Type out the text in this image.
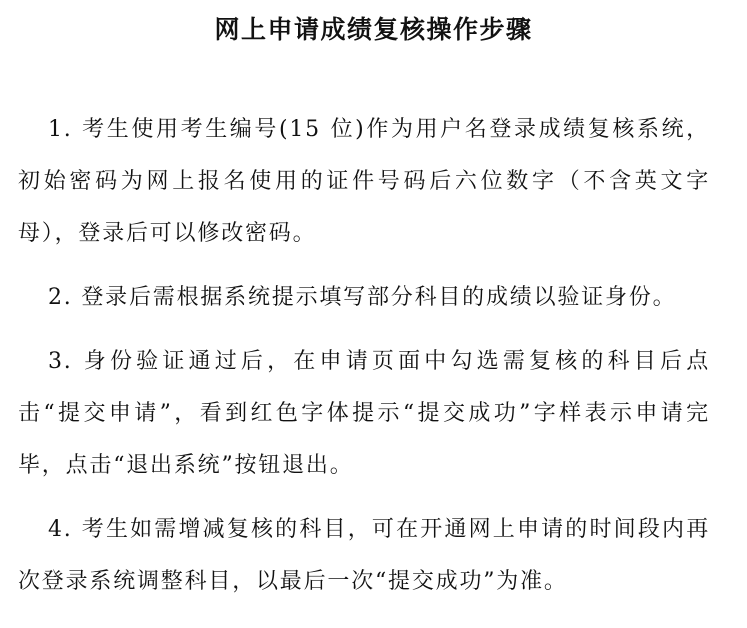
网上申请成绩复核操作步骤

1. 考生使用考生编号(15 位)作为用户名登录成绩复核系统，初始密码为网上报名使用的证件号码后六位数字（不含英文字母），登录后可以修改密码。

2. 登录后需根据系统提示填写部分科目的成绩以验证身份。

3. 身份验证通过后，在申请页面中勾选需复核的科目后点击“提交申请”，看到红色字体提示“提交成功”字样表示申请完毕，点击“退出系统”按钮退出。

4. 考生如需增减复核的科目，可在开通网上申请的时间段内再次登录系统调整科目，以最后一次“提交成功”为准。
